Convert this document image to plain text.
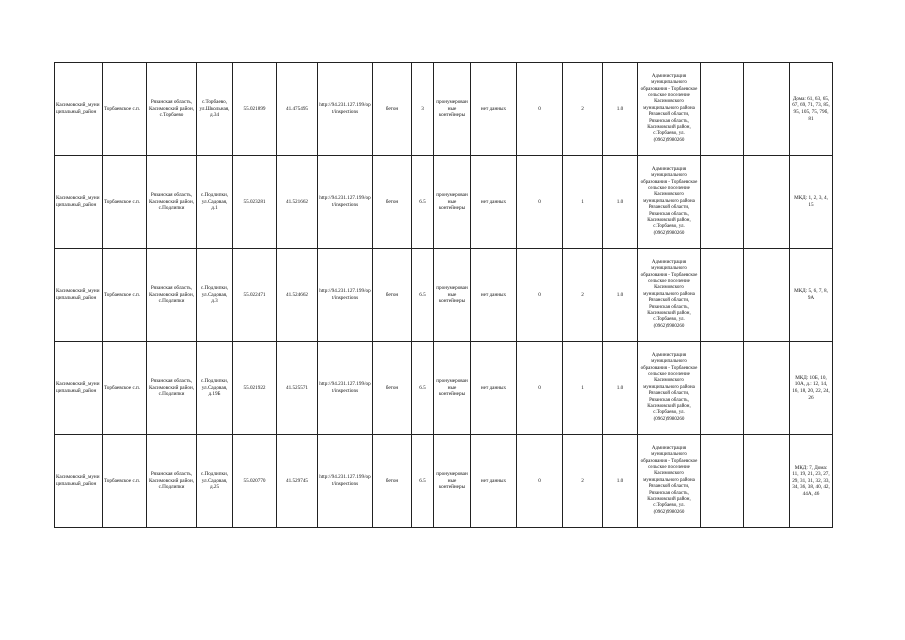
Касимовский_муниципальный_район	Торбаевское с.п.	Рязанская область, Касимовский район, с.Торбаево	с.Торбаево, ул.Школьная, д.34	55.021899	41.475495	http://94.231.127.199/opt/inspections	бетон	3	пронумерованные контейнеры	нет данных	0	2	1.0	Администрация муниципального образования - Торбаевское сельское поселение Касимовского муниципального района Рязанской области, Рязанская область, Касимовский район, с.Торбаево, ул. (0962)9980260			Дома: 61, 63, 65, 67, 69, 71, 73, 85, 95, 105, 75, 79б, 81
Касимовский_муниципальный_район	Торбаевское с.п.	Рязанская область, Касимовский район, с.Подлипки	с.Подлипки, ул.Садовая, д.1	55.023281	41.521662	http://94.231.127.199/opt/inspections	бетон	6.5	пронумерованные контейнеры	нет данных	0	1	1.0	Администрация муниципального образования - Торбаевское сельское поселение Касимовского муниципального района Рязанской области, Рязанская область, Касимовский район, с.Торбаево, ул. (0962)9980260			МКД: 1, 2, 3, 4, 15
Касимовский_муниципальный_район	Торбаевское с.п.	Рязанская область, Касимовский район, с.Подлипки	с.Подлипки, ул.Садовая, д.3	55.022471	41.524662	http://94.231.127.199/opt/inspections	бетон	6.5	пронумерованные контейнеры	нет данных	0	2	1.0	Администрация муниципального образования - Торбаевское сельское поселение Касимовского муниципального района Рязанской области, Рязанская область, Касимовский район, с.Торбаево, ул. (0962)9980260			МКД: 5, 6, 7, 8, 9А
Касимовский_муниципальный_район	Торбаевское с.п.	Рязанская область, Касимовский район, с.Подлипки	с.Подлипки, ул.Садовая, д.19Б	55.021922	41.525571	http://94.231.127.199/opt/inspections	бетон	6.5	пронумерованные контейнеры	нет данных	0	1	1.0	Администрация муниципального образования - Торбаевское сельское поселение Касимовского муниципального района Рязанской области, Рязанская область, Касимовский район, с.Торбаево, ул. (0962)9980260			МКД: 10Б, 10, 10А, д.: 12, 14, 16, 18, 20, 22, 24, 26
Касимовский_муниципальный_район	Торбаевское с.п.	Рязанская область, Касимовский район, с.Подлипки	с.Подлипки, ул.Садовая, д.25	55.020770	41.529745	http://94.231.127.199/opt/inspections	бетон	6.5	пронумерованные контейнеры	нет данных	0	2	1.0	Администрация муниципального образования - Торбаевское сельское поселение Касимовского муниципального района Рязанской области, Рязанская область, Касимовский район, с.Торбаево, ул. (0962)9980260			МКД: 7, Дома: 11, 19, 21, 23, 27, 29, 31, 31, 32, 33, 34, 36, 38, 40, 42, 44А, 46
